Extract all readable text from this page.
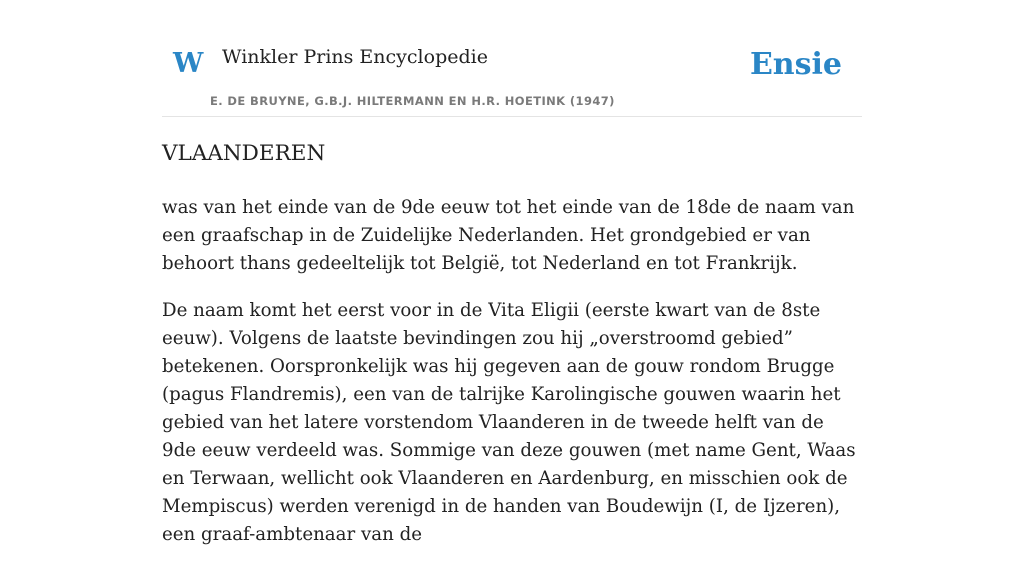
W Winkler Prins Encyclopedie
E. DE BRUYNE, G.B.J. HILTERMANN EN H.R. HOETINK (1947)
Ensie
VLAANDEREN

was van het einde van de 9de eeuw tot het einde van de 18de de naam van een graafschap in de Zuidelijke Nederlanden. Het grondgebied er van behoort thans gedeeltelijk tot België, tot Nederland en tot Frankrijk.

De naam komt het eerst voor in de Vita Eligii (eerste kwart van de 8ste eeuw). Volgens de laatste bevindingen zou hij „overstroomd gebied” betekenen. Oorspronkelijk was hij gegeven aan de gouw rondom Brugge (pagus Flandremis), een van de talrijke Karolingische gouwen waarin het gebied van het latere vorstendom Vlaanderen in de tweede helft van de 9de eeuw verdeeld was. Sommige van deze gouwen (met name Gent, Waas en Terwaan, wellicht ook Vlaanderen en Aardenburg, en misschien ook de Mempiscus) werden verenigd in de handen van Boudewijn (I, de Ijzeren), een graaf-ambtenaar van de
